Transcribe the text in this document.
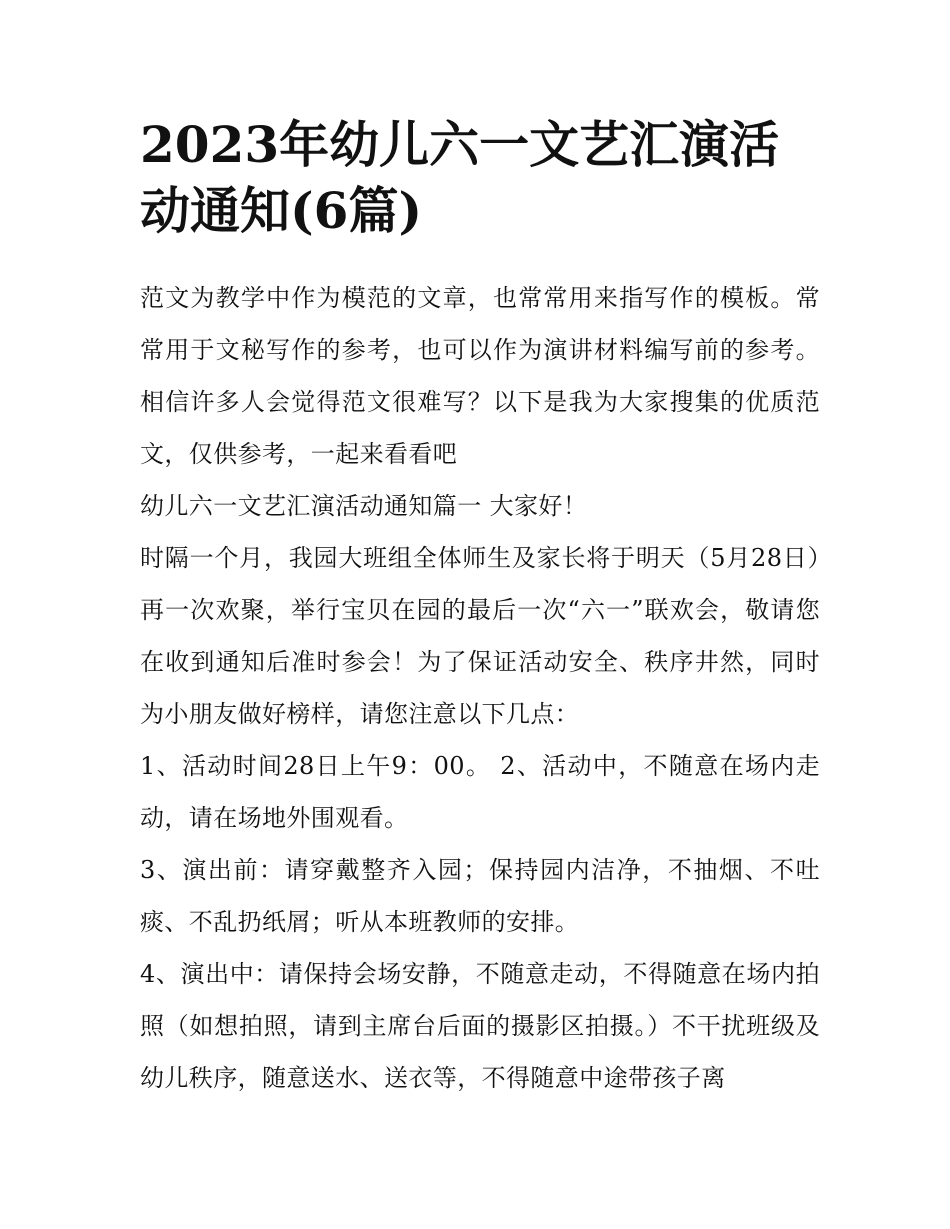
2023年幼儿六一文艺汇演活动通知(6篇)

范文为教学中作为模范的文章，也常常用来指写作的模板。常常用于文秘写作的参考，也可以作为演讲材料编写前的参考。相信许多人会觉得范文很难写？以下是我为大家搜集的优质范文，仅供参考，一起来看看吧

幼儿六一文艺汇演活动通知篇一 大家好！

时隔一个月，我园大班组全体师生及家长将于明天（5月28日）再一次欢聚，举行宝贝在园的最后一次“六一”联欢会，敬请您在收到通知后准时参会！为了保证活动安全、秩序井然，同时为小朋友做好榜样，请您注意以下几点：

1、活动时间28日上午9：00。 2、活动中，不随意在场内走动，请在场地外围观看。

3、演出前：请穿戴整齐入园；保持园内洁净，不抽烟、不吐痰、不乱扔纸屑；听从本班教师的安排。

4、演出中：请保持会场安静，不随意走动，不得随意在场内拍照（如想拍照，请到主席台后面的摄影区拍摄。）不干扰班级及幼儿秩序，随意送水、送衣等，不得随意中途带孩子离
